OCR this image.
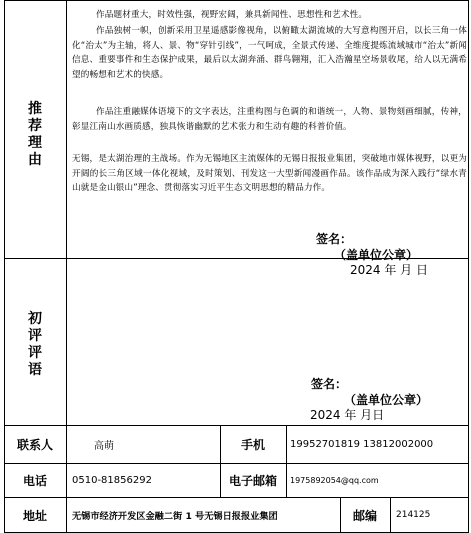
推
荐
理
由
作品题材重大，时效性强，视野宏阔，兼具新闻性、思想性和艺术性。
作品独树一帜，创新采用卫星遥感影像视角，以俯瞰太湖流域的大写意构图开启，以长三角一体化“治太”为主轴，将人、景、物“穿针引线”，一气呵成，全景式传递、全维度提炼流域城市“治太”新闻信息、重要事件和生态保护成果，最后以太湖奔涌、群鸟翱翔，汇入浩瀚星空场景收尾，给人以无满希望的畅想和艺术的快感。
作品注重融媒体语境下的文字表达，注重构图与色调的和谐统一，人物、景物刻画细腻，传神，彰显江南山水画质感，独具恢谐幽默的艺术张力和生动有趣的科普价值。
无锡，是太湖治理的主战场。作为无锡地区主流媒体的无锡日报报业集团，突破地市媒体视野，以更为开阔的长三角区域一体化视域，及时策划、刊发这一大型新闻漫画作品。该作品成为深入践行“绿水青山就是金山银山”理念、贯彻落实习近平生态文明思想的精品力作。
签名：
（盖单位公章）
2024 年 月 日
初
评
评
语
签名：
（盖单位公章）
2024 年 月日
联系人	高萌	手机	19952701819 13812002000
电话	0510-81856292	电子邮箱	1975892054@qq.com
地址	无锡市经济开发区金融二街 1 号无锡日报报业集团	邮编	214125
